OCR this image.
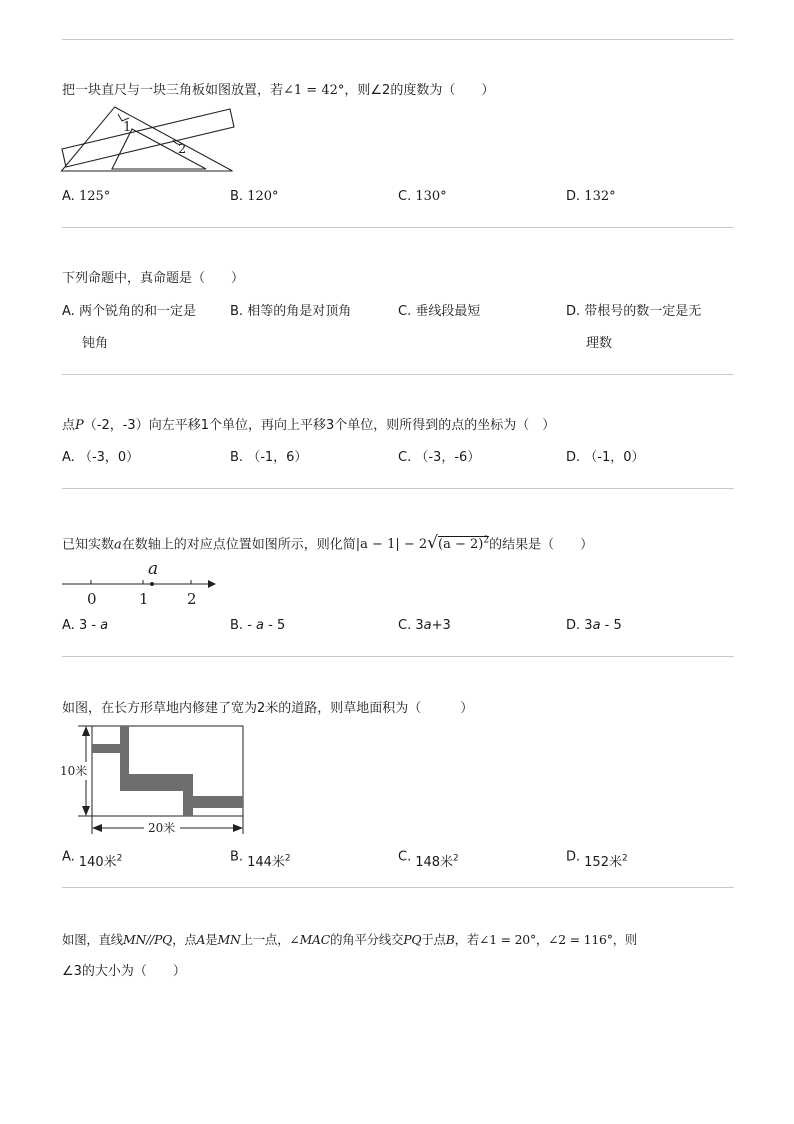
把一块直尺与一块三角板如图放置，若∠1 = 42°，则∠2的度数为（　　）
1
2
A. 125°	B. 120°	C. 130°	D. 132°
下列命题中，真命题是（　　）
A. 两个锐角的和一定是
钝角
B. 相等的角是对顶角	C. 垂线段最短	D. 带根号的数一定是无
理数
点P（-2，-3）向左平移1个单位，再向上平移3个单位，则所得到的点的坐标为（　）
A. （-3，0）	B. （-1，6）	C. （-3，-6）	D. （-1，0）
已知实数a在数轴上的对应点位置如图所示，则化简$|a - 1| - 2√(a - 2)^2$的结果是（　　）
a
0	1	2
A. 3 - a	B. - a - 5	C. 3a+3	D. 3a - 5
如图，在长方形草地内修建了宽为2米的道路，则草地面积为（　　　）
10米
20米
A. 140米$^2$	B. 144米$^2$	C. 148米$^2$	D. 152米$^2$
如图，直线MN//PQ，点A是MN上一点，∠MAC的角平分线交PQ于点B，若∠1 = 20°，∠2 = 116°，则
∠3的大小为（　　）
